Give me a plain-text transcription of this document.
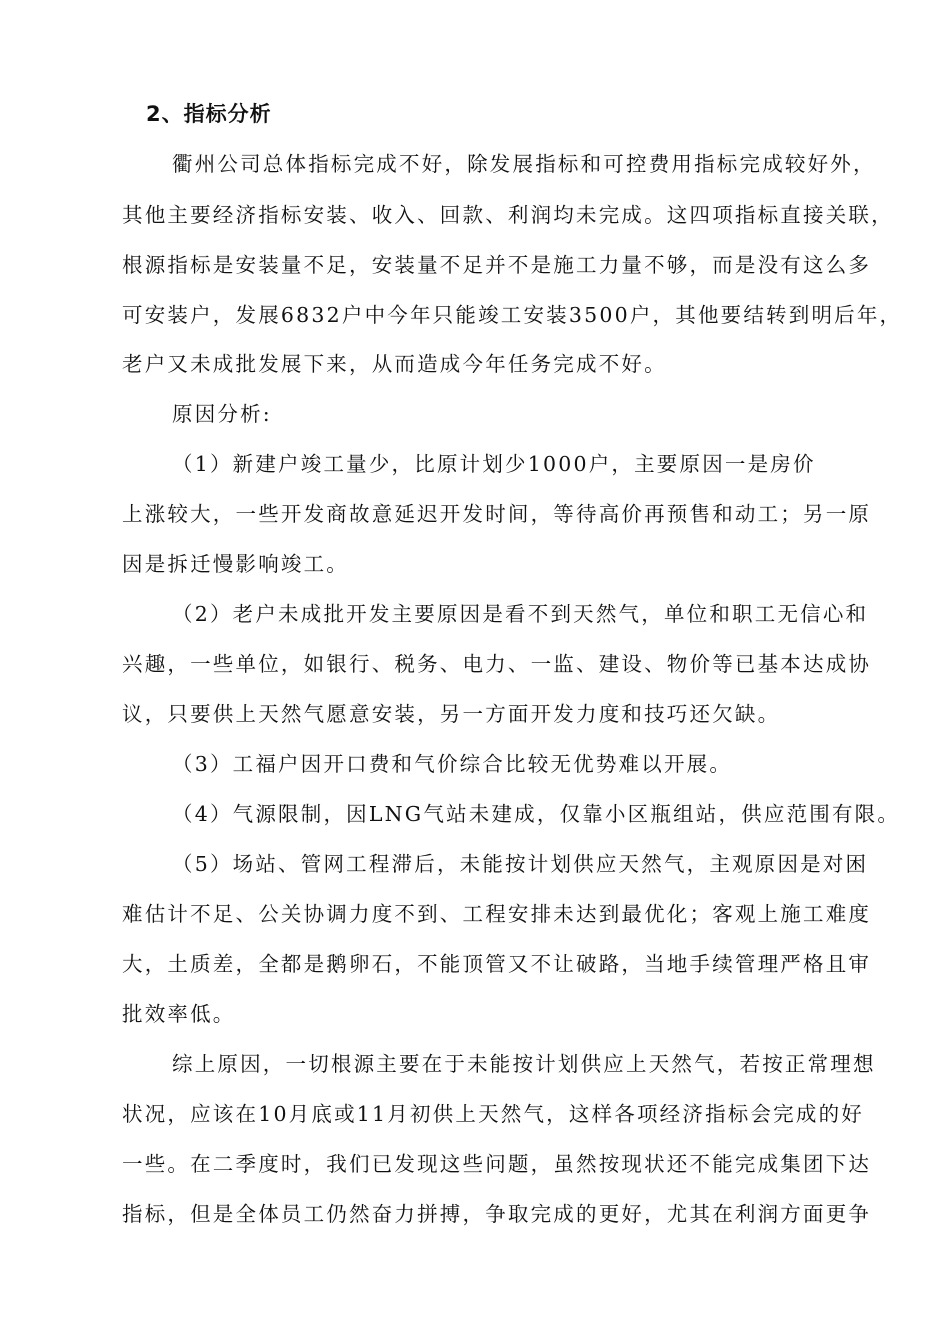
2、指标分析
衢州公司总体指标完成不好，除发展指标和可控费用指标完成较好外，
其他主要经济指标安装、收入、回款、利润均未完成。这四项指标直接关联，
根源指标是安装量不足，安装量不足并不是施工力量不够，而是没有这么多
可安装户，发展6832户中今年只能竣工安装3500户，其他要结转到明后年，
老户又未成批发展下来，从而造成今年任务完成不好。
原因分析:
（1）新建户竣工量少，比原计划少1000户，主要原因一是房价
上涨较大，一些开发商故意延迟开发时间，等待高价再预售和动工；另一原
因是拆迁慢影响竣工。
（2）老户未成批开发主要原因是看不到天然气，单位和职工无信心和
兴趣，一些单位，如银行、税务、电力、一监、建设、物价等已基本达成协
议，只要供上天然气愿意安装，另一方面开发力度和技巧还欠缺。
（3）工福户因开口费和气价综合比较无优势难以开展。
（4）气源限制，因LNG气站未建成，仅靠小区瓶组站，供应范围有限。
（5）场站、管网工程滞后，未能按计划供应天然气，主观原因是对困
难估计不足、公关协调力度不到、工程安排未达到最优化；客观上施工难度
大，土质差，全都是鹅卵石，不能顶管又不让破路，当地手续管理严格且审
批效率低。
综上原因，一切根源主要在于未能按计划供应上天然气，若按正常理想
状况，应该在10月底或11月初供上天然气，这样各项经济指标会完成的好
一些。在二季度时，我们已发现这些问题，虽然按现状还不能完成集团下达
指标，但是全体员工仍然奋力拼搏，争取完成的更好，尤其在利润方面更争
